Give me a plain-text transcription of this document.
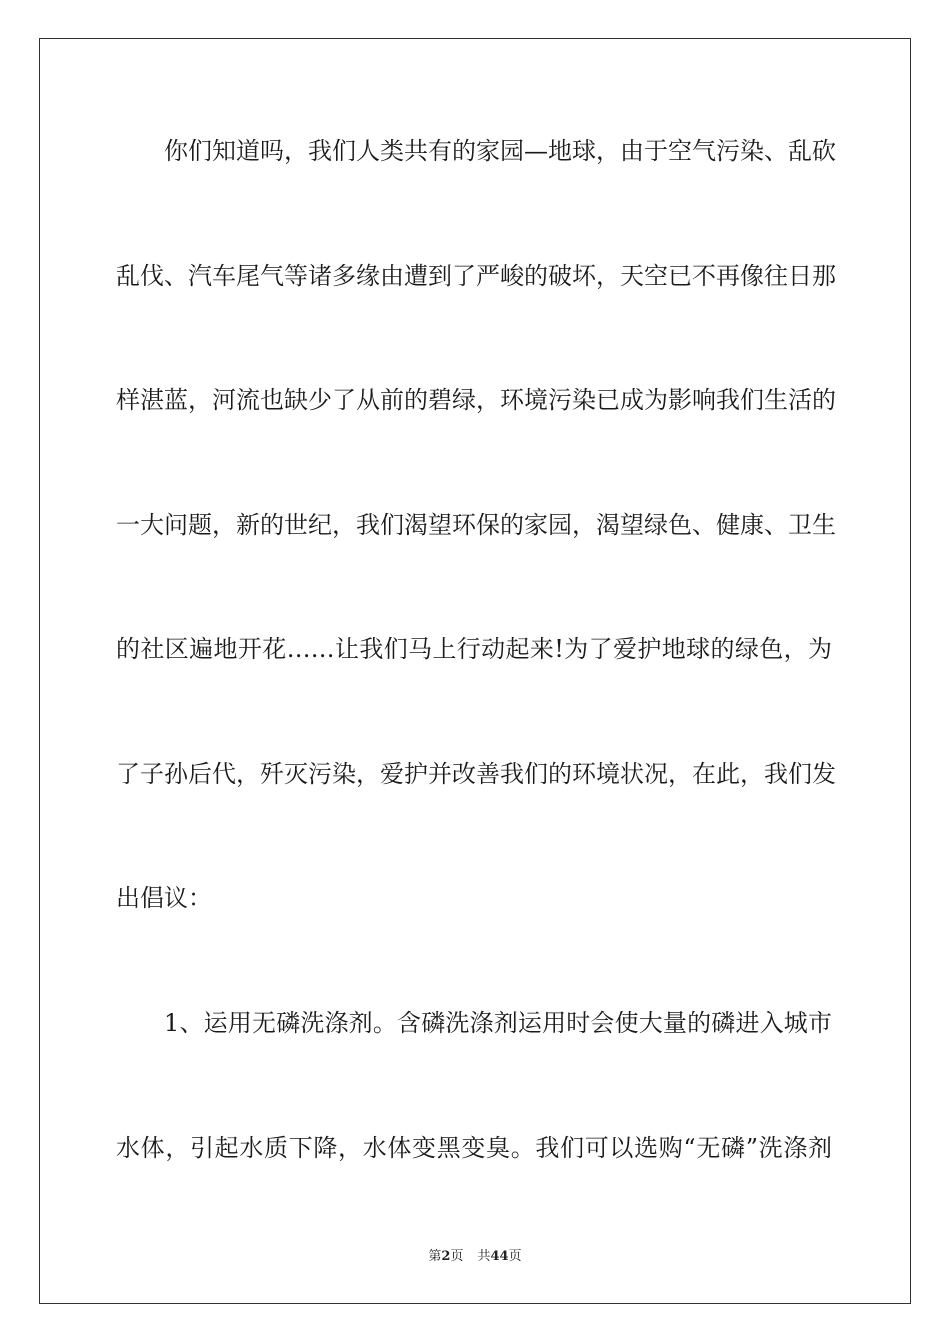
你们知道吗，我们人类共有的家园—地球，由于空气污染、乱砍
乱伐、汽车尾气等诸多缘由遭到了严峻的破坏，天空已不再像往日那
样湛蓝，河流也缺少了从前的碧绿，环境污染已成为影响我们生活的
一大问题，新的世纪，我们渴望环保的家园，渴望绿色、健康、卫生
的社区遍地开花……让我们马上行动起来!为了爱护地球的绿色，为
了子孙后代，歼灭污染，爱护并改善我们的环境状况，在此，我们发
出倡议：
1、运用无磷洗涤剂。含磷洗涤剂运用时会使大量的磷进入城市
水体，引起水质下降，水体变黑变臭。我们可以选购“无磷”洗涤剂
第2页 共44页
